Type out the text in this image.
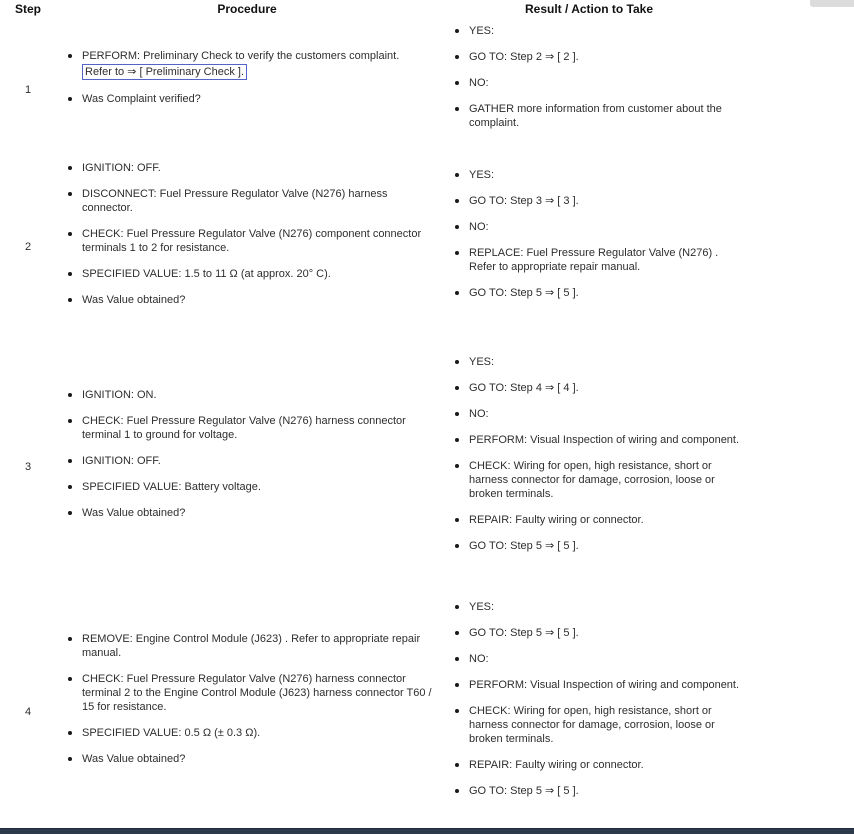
Step	Procedure	Result / Action to Take
1
PERFORM: Preliminary Check to verify the customers complaint.
Refer to ⇒ [ Preliminary Check ].
Was Complaint verified?
YES:
GO TO: Step 2 ⇒ [ 2 ].
NO:
GATHER more information from customer about the complaint.
2
IGNITION: OFF.
DISCONNECT: Fuel Pressure Regulator Valve (N276) harness connector.
CHECK: Fuel Pressure Regulator Valve (N276) component connector terminals 1 to 2 for resistance.
SPECIFIED VALUE: 1.5 to 11 Ω (at approx. 20° C).
Was Value obtained?
YES:
GO TO: Step 3 ⇒ [ 3 ].
NO:
REPLACE: Fuel Pressure Regulator Valve (N276) . Refer to appropriate repair manual.
GO TO: Step 5 ⇒ [ 5 ].
3
IGNITION: ON.
CHECK: Fuel Pressure Regulator Valve (N276) harness connector terminal 1 to ground for voltage.
IGNITION: OFF.
SPECIFIED VALUE: Battery voltage.
Was Value obtained?
YES:
GO TO: Step 4 ⇒ [ 4 ].
NO:
PERFORM: Visual Inspection of wiring and component.
CHECK: Wiring for open, high resistance, short or harness connector for damage, corrosion, loose or broken terminals.
REPAIR: Faulty wiring or connector.
GO TO: Step 5 ⇒ [ 5 ].
4
REMOVE: Engine Control Module (J623) . Refer to appropriate repair manual.
CHECK: Fuel Pressure Regulator Valve (N276) harness connector terminal 2 to the Engine Control Module (J623) harness connector T60 / 15 for resistance.
SPECIFIED VALUE: 0.5 Ω (± 0.3 Ω).
Was Value obtained?
YES:
GO TO: Step 5 ⇒ [ 5 ].
NO:
PERFORM: Visual Inspection of wiring and component.
CHECK: Wiring for open, high resistance, short or harness connector for damage, corrosion, loose or broken terminals.
REPAIR: Faulty wiring or connector.
GO TO: Step 5 ⇒ [ 5 ].
